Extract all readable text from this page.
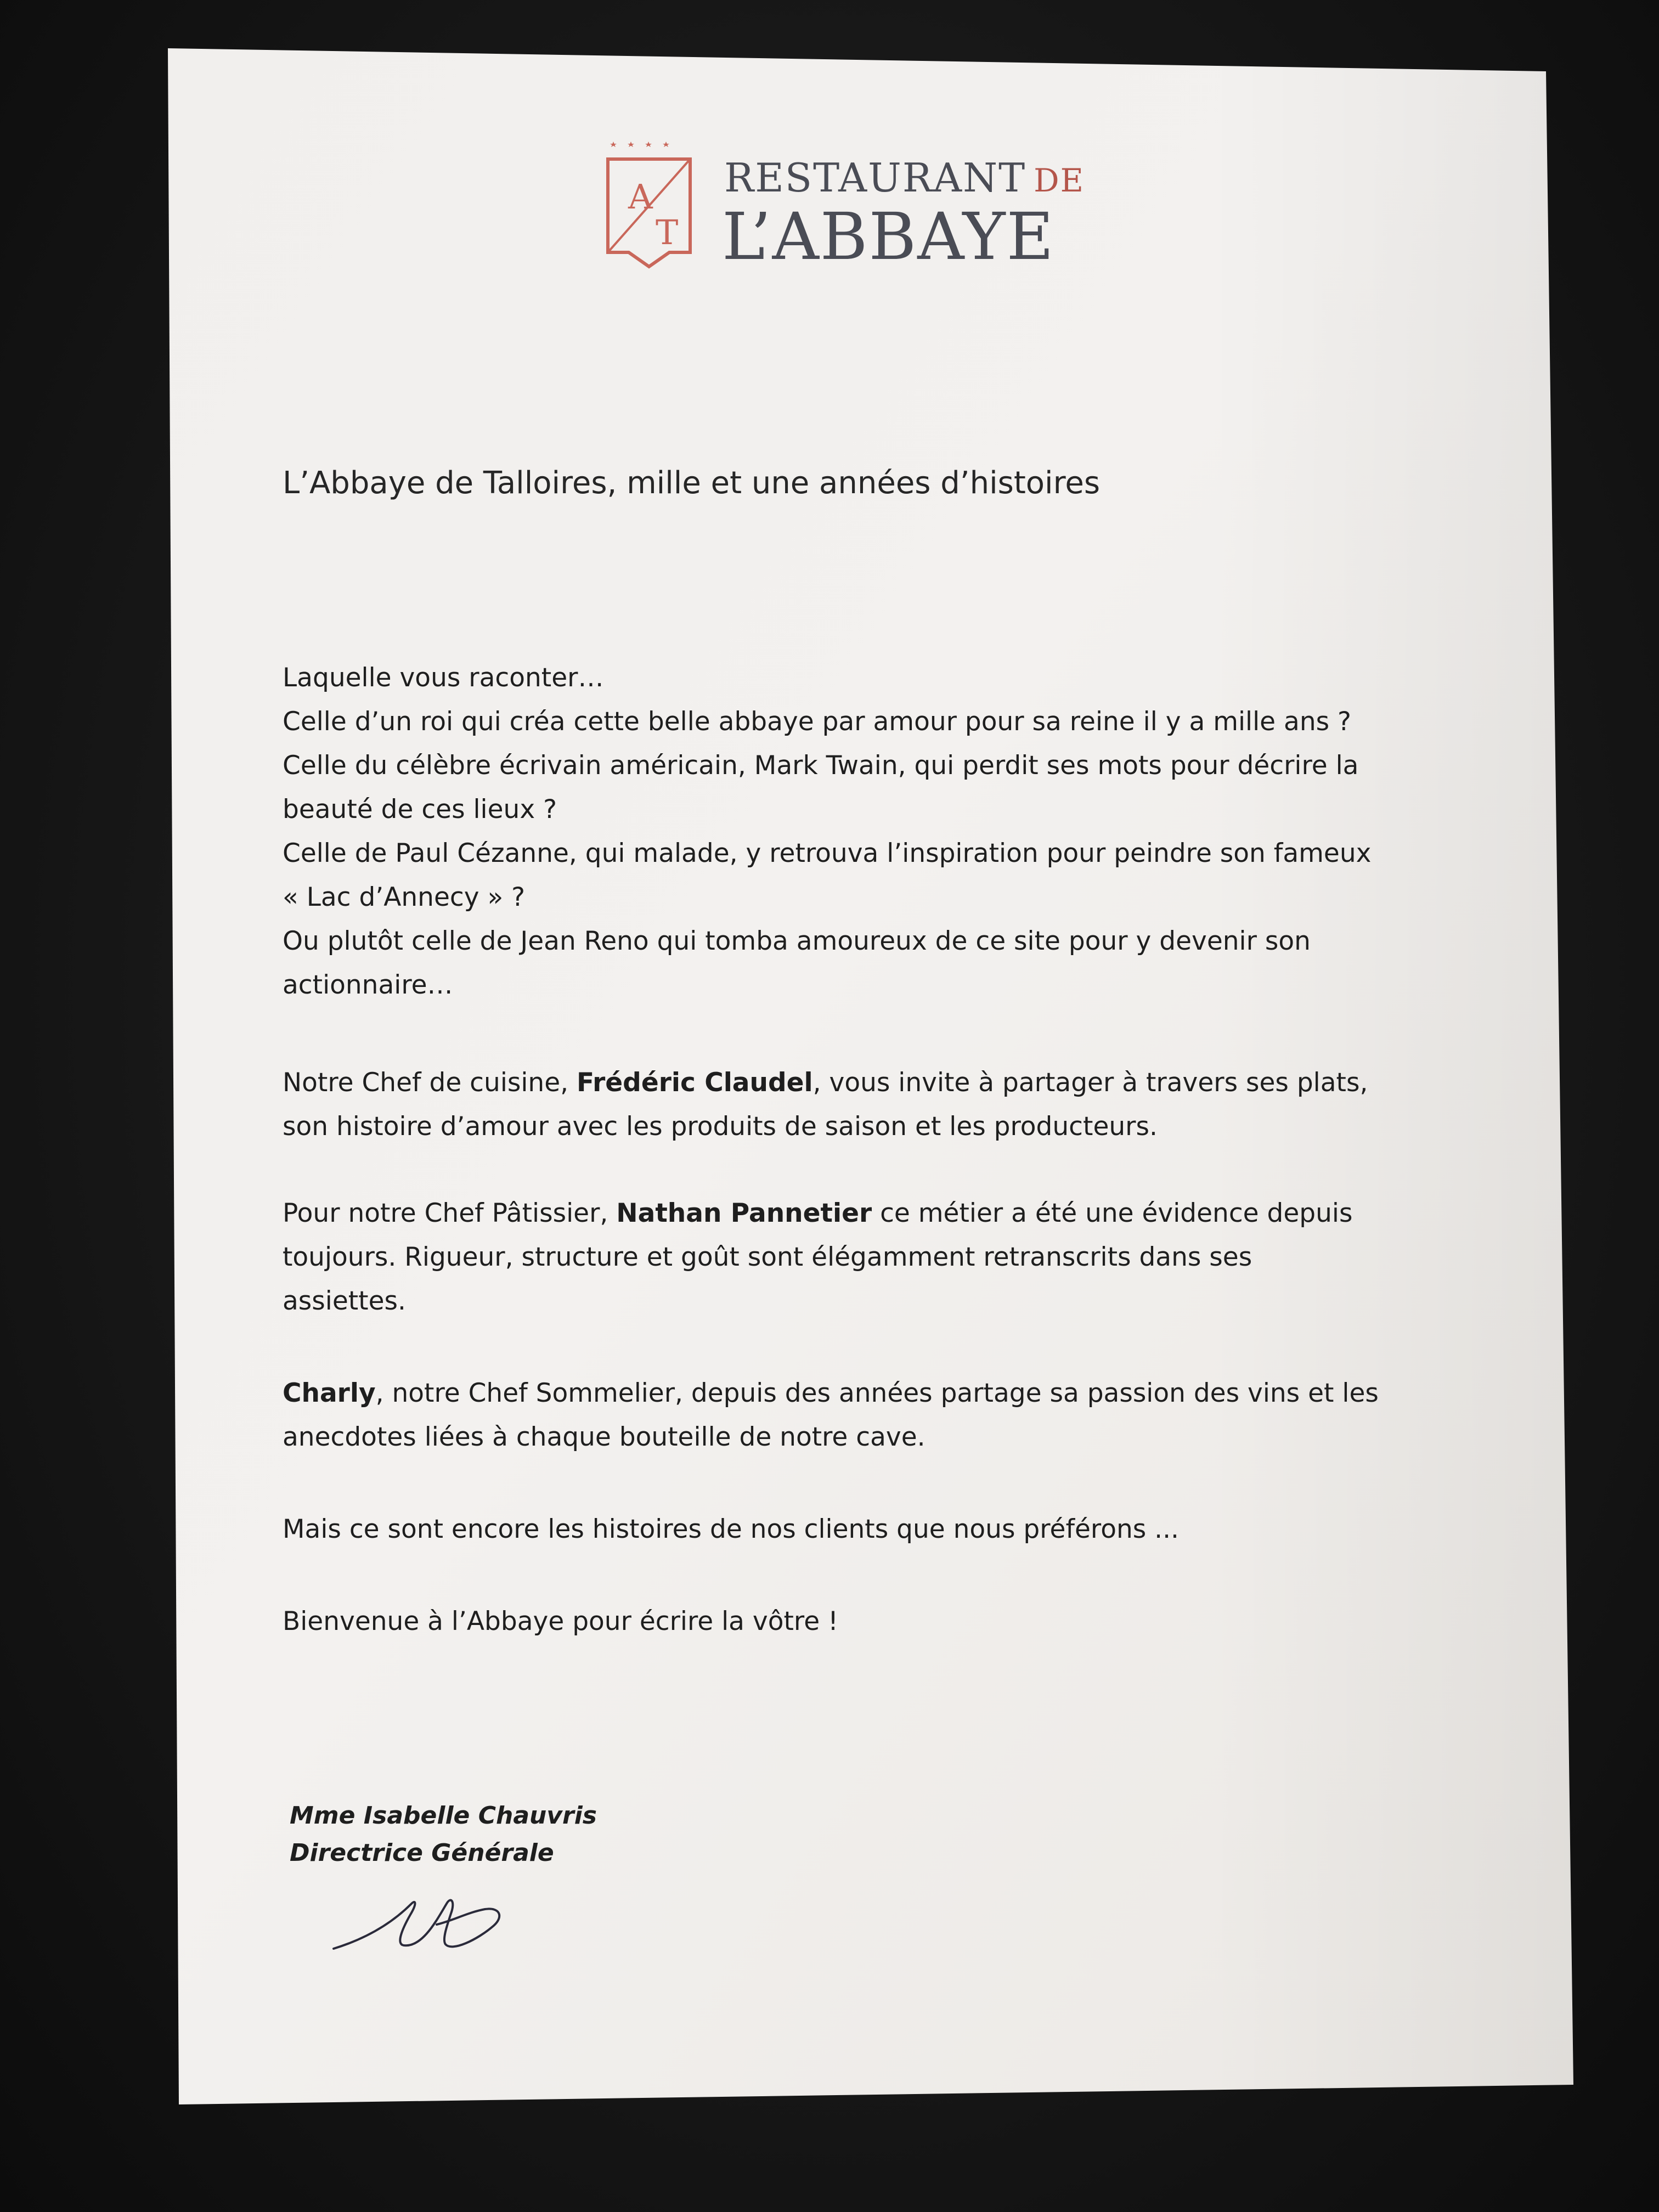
A
T
RESTAURANT DE
L’ABBAYE
L’Abbaye de Talloires, mille et une années d’histoires

Laquelle vous raconter…
Celle d’un roi qui créa cette belle abbaye par amour pour sa reine il y a mille ans ?
Celle du célèbre écrivain américain, Mark Twain, qui perdit ses mots pour décrire la
beauté de ces lieux ?
Celle de Paul Cézanne, qui malade, y retrouva l’inspiration pour peindre son fameux
« Lac d’Annecy » ?
Ou plutôt celle de Jean Reno qui tomba amoureux de ce site pour y devenir son
actionnaire…

Notre Chef de cuisine, Frédéric Claudel, vous invite à partager à travers ses plats,
son histoire d’amour avec les produits de saison et les producteurs.

Pour notre Chef Pâtissier, Nathan Pannetier ce métier a été une évidence depuis
toujours. Rigueur, structure et goût sont élégamment retranscrits dans ses
assiettes.

Charly, notre Chef Sommelier, depuis des années partage sa passion des vins et les
anecdotes liées à chaque bouteille de notre cave.

Mais ce sont encore les histoires de nos clients que nous préférons ...

Bienvenue à l’Abbaye pour écrire la vôtre !

Mme Isabelle Chauvris
Directrice Générale
